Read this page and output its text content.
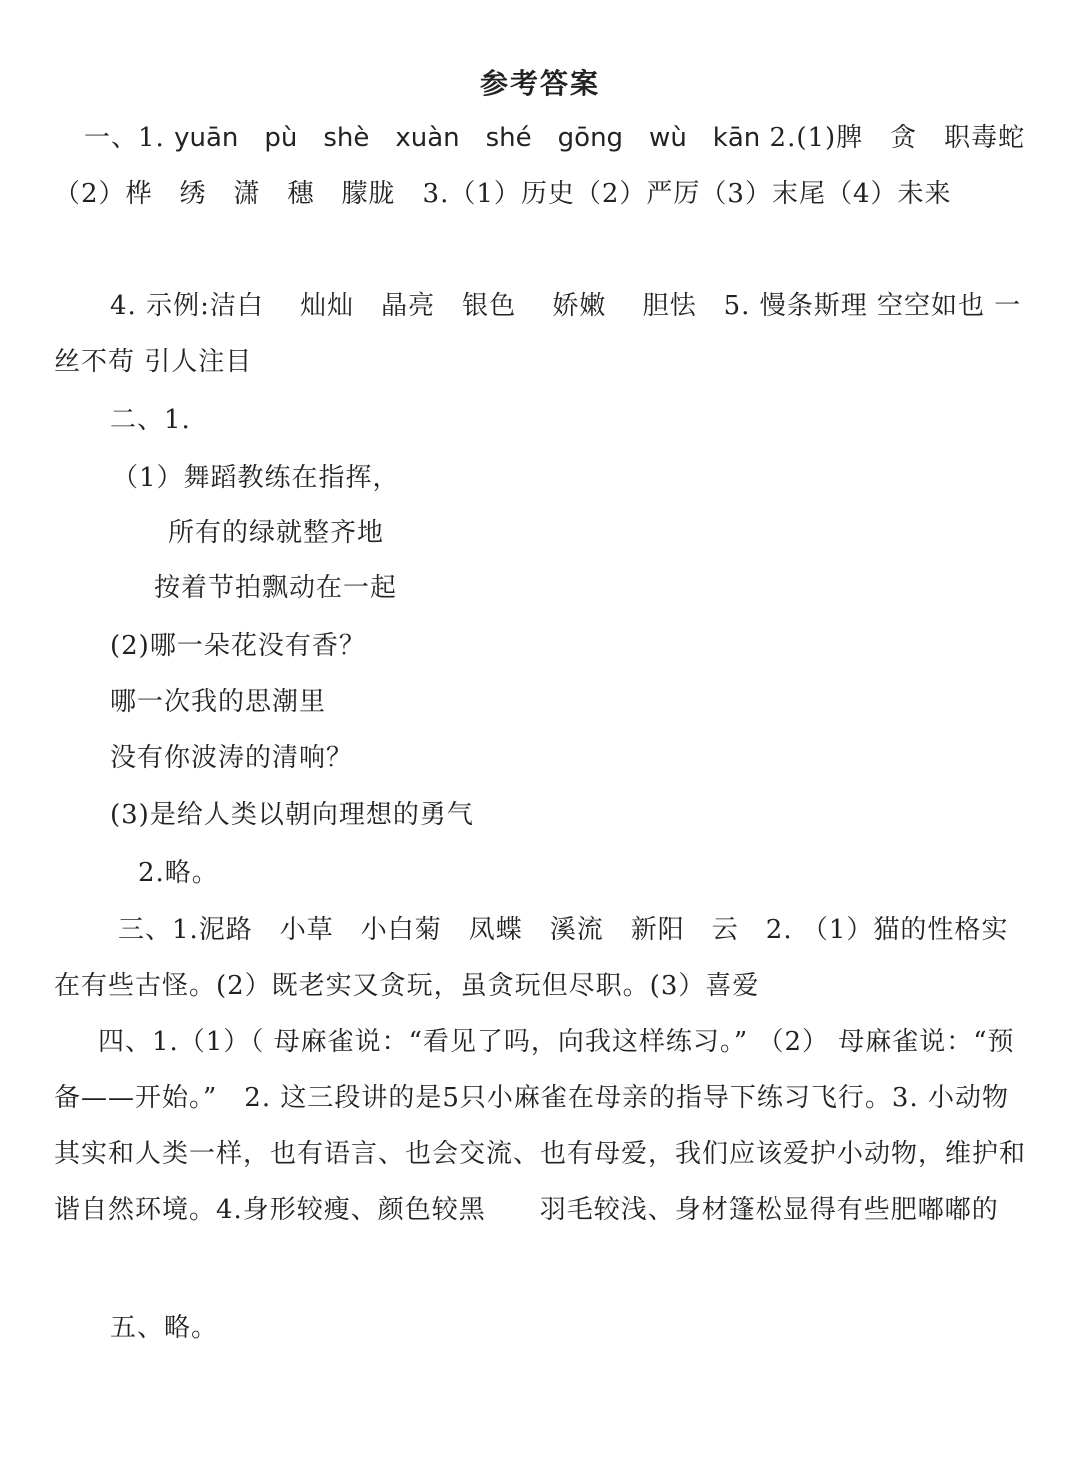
参考答案
一、1. yuān　pù　shè　xuàn　shé　gōng　wù　kān 2.(1)脾　贪　职毒蛇（2）桦　绣　潇　穗　朦胧　3.（1）历史（2）严厉（3）末尾（4）未来
4. 示例:洁白　 灿灿　晶亮　银色　 娇嫩　 胆怯　5. 慢条斯理 空空如也 一丝不苟 引人注目
二、1.
（1）舞蹈教练在指挥，
所有的绿就整齐地
按着节拍飘动在一起
(2)哪一朵花没有香？
哪一次我的思潮里
没有你波涛的清响？
(3)是给人类以朝向理想的勇气
2.略。
三、1.泥路　小草　小白菊　凤蝶　溪流　新阳　云　2. （1）猫的性格实在有些古怪。(2）既老实又贪玩，虽贪玩但尽职。(3）喜爱
四、1.（1）（ 母麻雀说：“看见了吗，向我这样练习。” （2） 母麻雀说：“预备——开始。”　2. 这三段讲的是5只小麻雀在母亲的指导下练习飞行。3. 小动物其实和人类一样，也有语言、也会交流、也有母爱，我们应该爱护小动物，维护和谐自然环境。4.身形较瘦、颜色较黑　　羽毛较浅、身材篷松显得有些肥嘟嘟的
五、略。
